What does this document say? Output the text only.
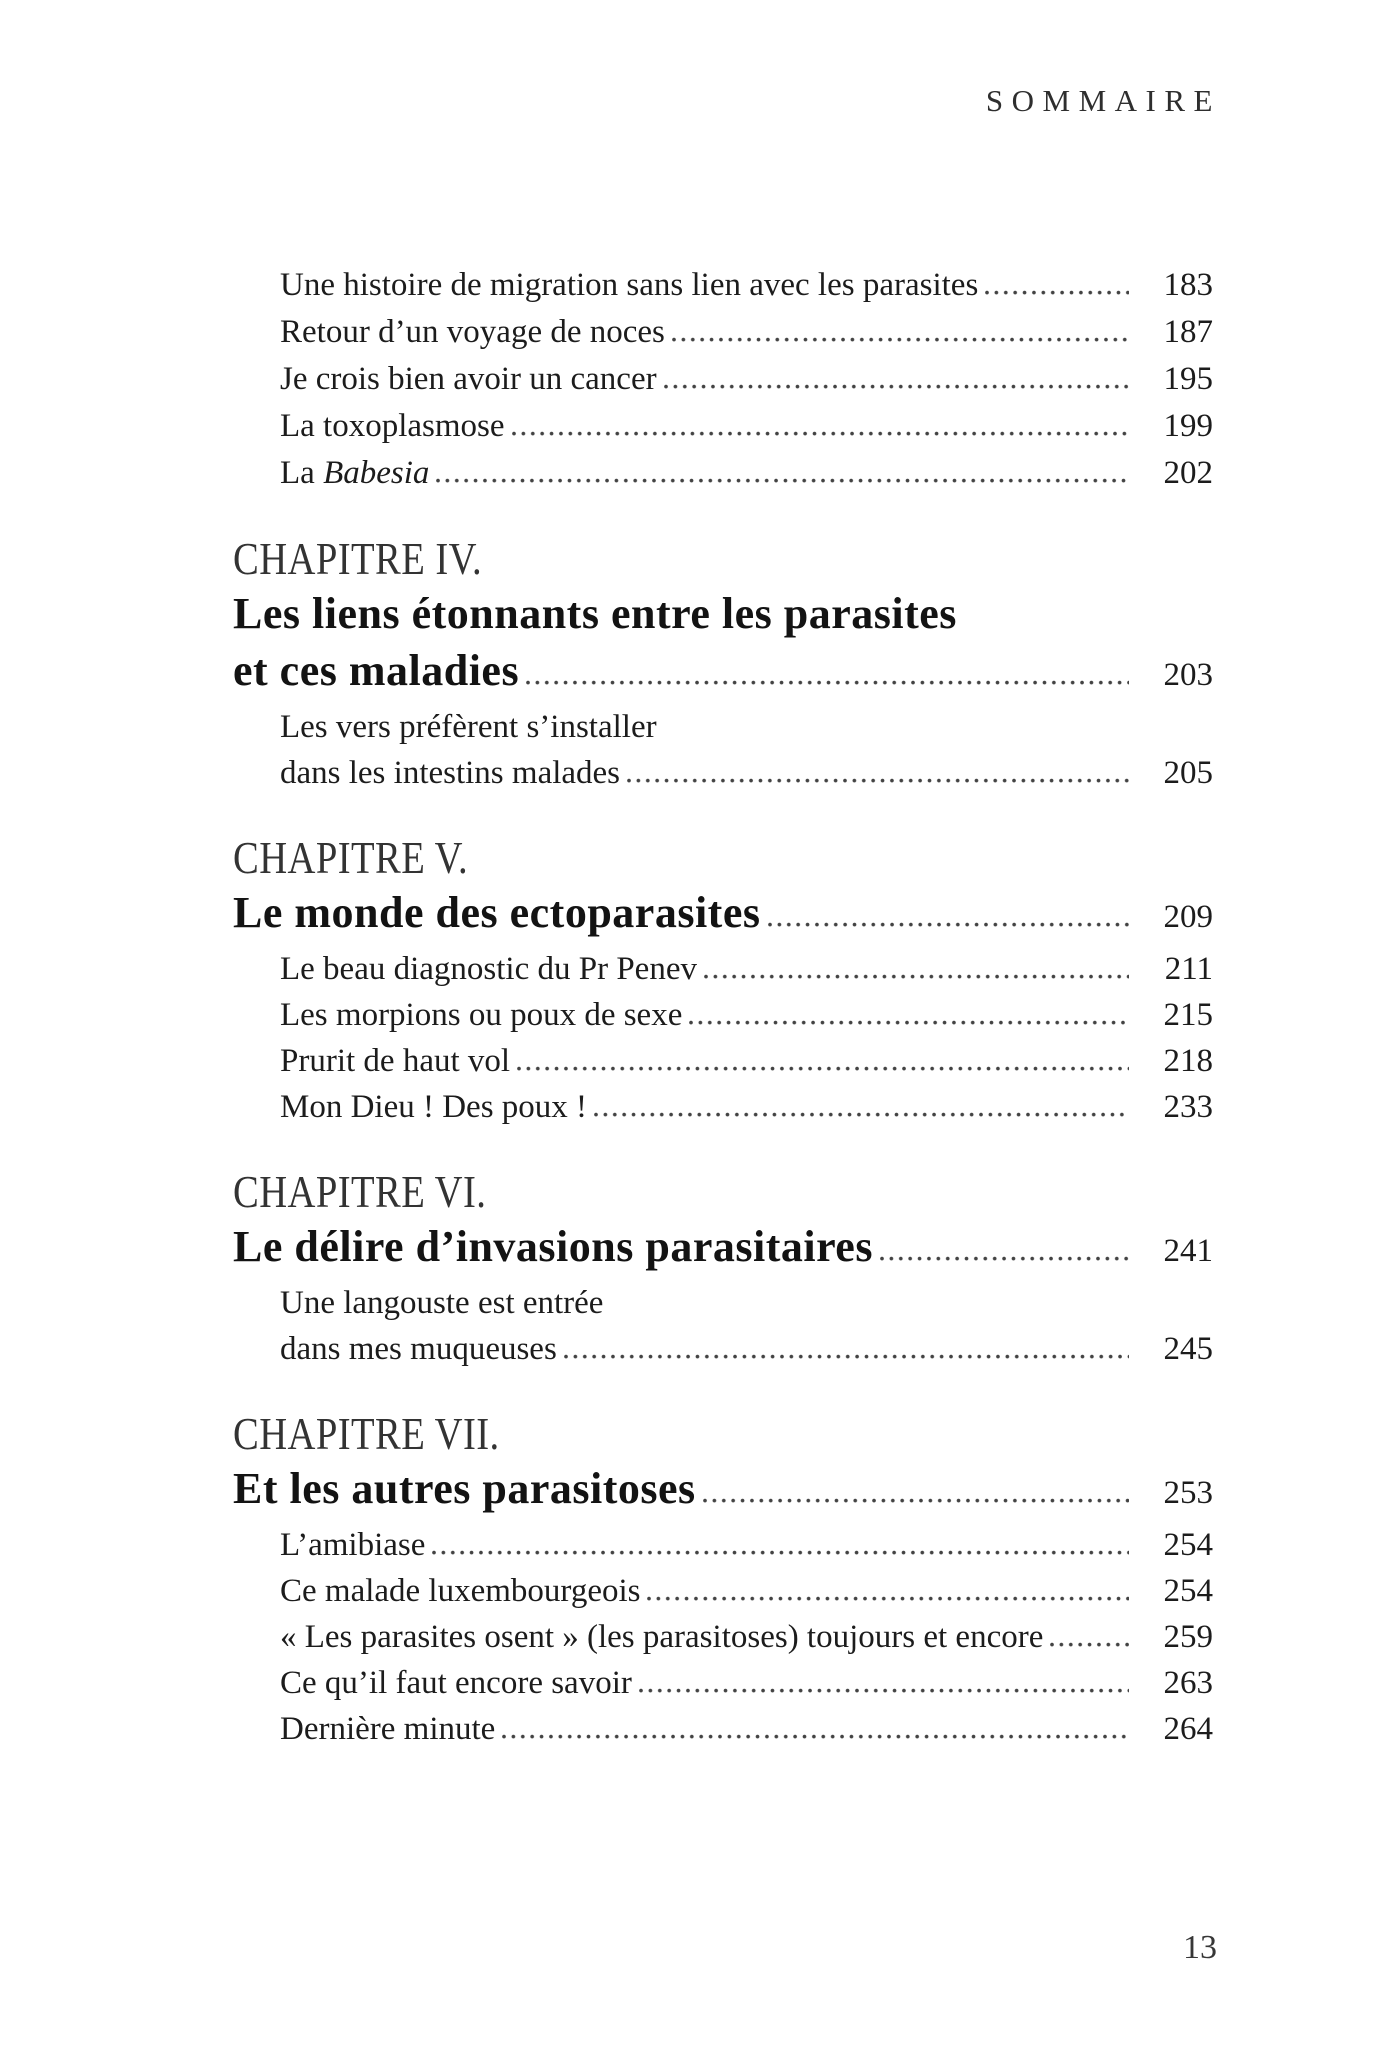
SOMMAIRE
Une histoire de migration sans lien avec les parasites	183
Retour d’un voyage de noces	187
Je crois bien avoir un cancer	195
La toxoplasmose	199
La Babesia	202
CHAPITRE IV.
Les liens étonnants entre les parasites
et ces maladies	203
Les vers préfèrent s’installer
dans les intestins malades	205
CHAPITRE V.
Le monde des ectoparasites	209
Le beau diagnostic du Pr Penev	211
Les morpions ou poux de sexe	215
Prurit de haut vol	218
Mon Dieu ! Des poux !	233
CHAPITRE VI.
Le délire d’invasions parasitaires	241
Une langouste est entrée
dans mes muqueuses	245
CHAPITRE VII.
Et les autres parasitoses	253
L’amibiase	254
Ce malade luxembourgeois	254
« Les parasites osent » (les parasitoses) toujours et encore	259
Ce qu’il faut encore savoir	263
Dernière minute	264
13
